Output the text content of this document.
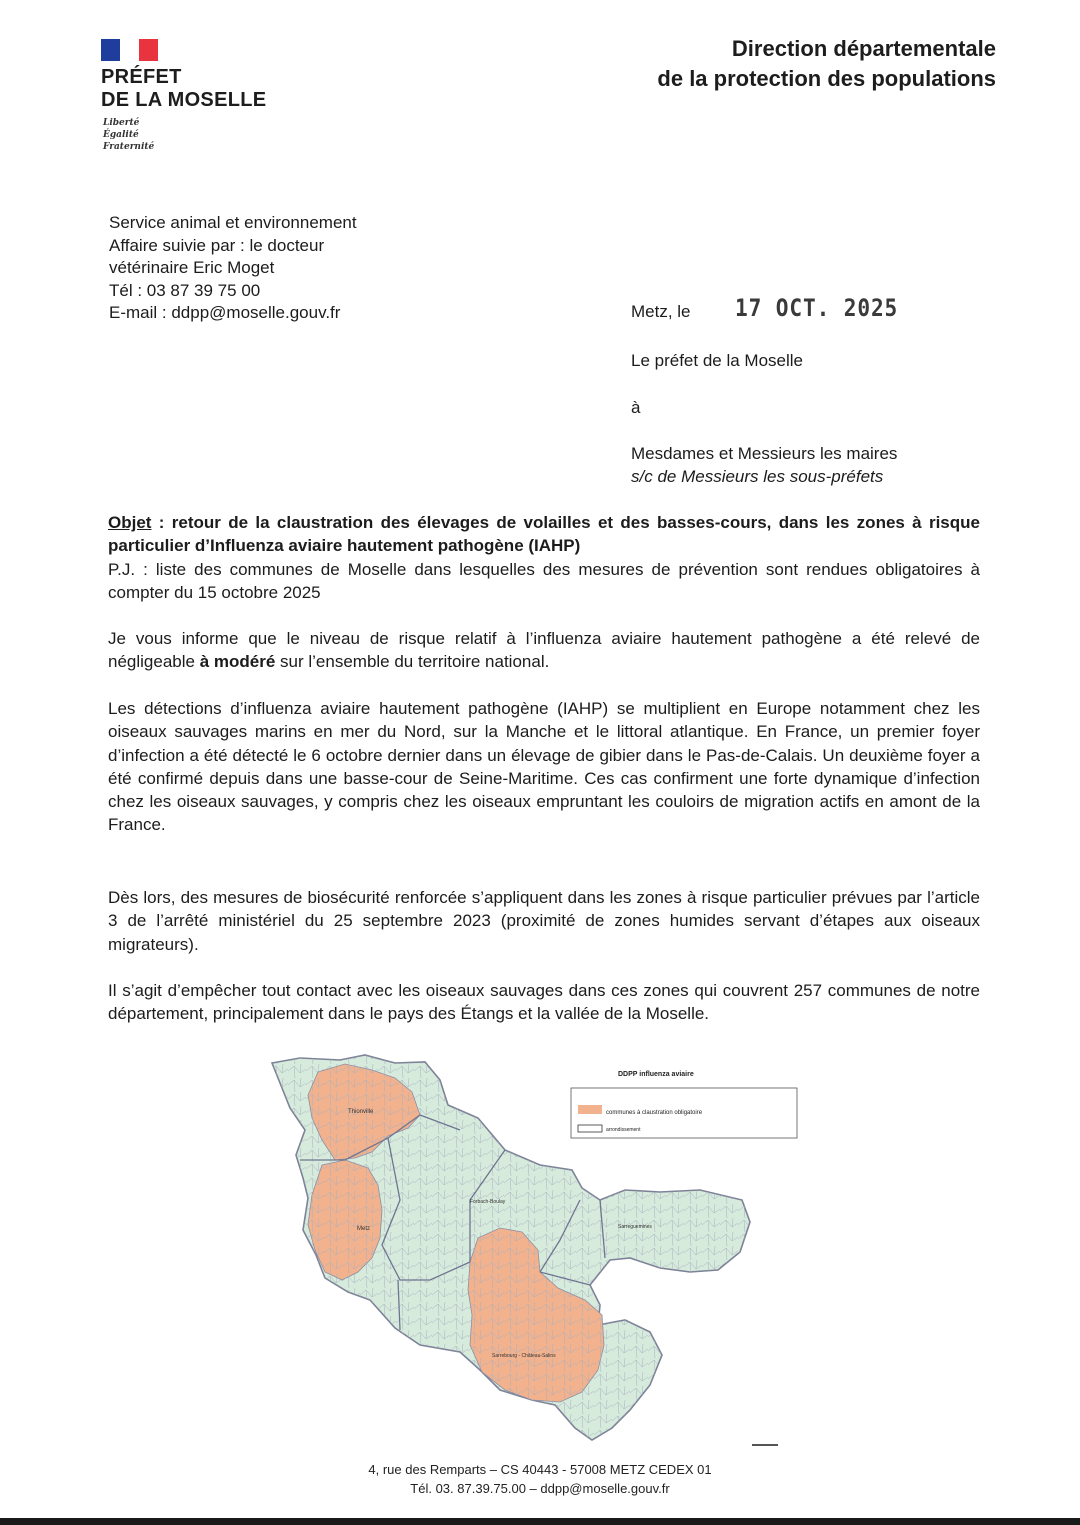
PRÉFET
DE LA MOSELLE
Liberté
Égalité
Fraternité
Direction départementale
de la protection des populations
Service animal et environnement
Affaire suivie par : le docteur
vétérinaire Eric Moget
Tél : 03 87 39 75 00
E-mail : ddpp@moselle.gouv.fr	Metz, le 17 OCT. 2025
Le préfet de la Moselle
à
Mesdames et Messieurs les maires
s/c de Messieurs les sous-préfets
Objet : retour de la claustration des élevages de volailles et des basses-cours, dans les zones à risque particulier d’Influenza aviaire hautement pathogène (IAHP)
P.J. : liste des communes de Moselle dans lesquelles des mesures de prévention sont rendues obligatoires à compter du 15 octobre 2025
Je vous informe que le niveau de risque relatif à l’influenza aviaire hautement pathogène a été relevé de négligeable à modéré sur l’ensemble du territoire national.
Les détections d’influenza aviaire hautement pathogène (IAHP) se multiplient en Europe notamment chez les oiseaux sauvages marins en mer du Nord, sur la Manche et le littoral atlantique. En France, un premier foyer d’infection a été détecté le 6 octobre dernier dans un élevage de gibier dans le Pas-de-Calais. Un deuxième foyer a été confirmé depuis dans une basse-cour de Seine-Maritime. Ces cas confirment une forte dynamique d’infection chez les oiseaux sauvages, y compris chez les oiseaux empruntant les couloirs de migration actifs en amont de la France.
Dès lors, des mesures de biosécurité renforcée s’appliquent dans les zones à risque particulier prévues par l’article 3 de l’arrêté ministériel du 25 septembre 2023 (proximité de zones humides servant d’étapes aux oiseaux migrateurs).
Il s’agit d’empêcher tout contact avec les oiseaux sauvages dans ces zones qui couvrent 257 communes de notre département, principalement dans le pays des Étangs et la vallée de la Moselle.
Thionville
Metz
Forbach-Boulay
Sarreguemines
Sarrebourg - Château-Salins
DDPP influenza aviaire
communes à claustration obligatoire
arrondissement
4, rue des Remparts – CS 40443 - 57008 METZ CEDEX 01
Tél. 03. 87.39.75.00 – ddpp@moselle.gouv.fr
